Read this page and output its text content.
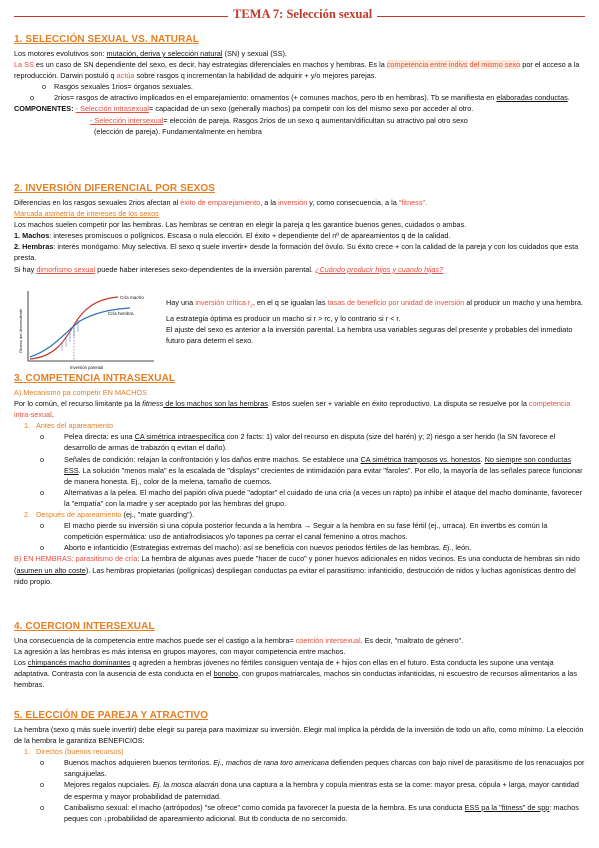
TEMA 7: Selección sexual
1. SELECCIÓN SEXUAL VS. NATURAL
Los motores evolutivos son: mutación, deriva y selección natural (SN) y sexual (SS).
La SS es un caso de SN dependiente del sexo, es decir, hay estrategias diferenciales en machos y hembras. Es la competencia entre indivs del mismo sexo por el acceso a la reproducción. Darwin postuló q actúa sobre rasgos q incrementan la habilidad de adquirir + y/o mejores parejas.
o Rasgos sexuales 1rios= órganos sexuales.
o	2rios= rasgos de atractivo implicados en el emparejamiento: ornamentos (+ comunes machos, pero tb en hembras). Tb se manifiesta en elaboradas conductas.
COMPONENTES: - Selección intrasexual= capacidad de un sexo (generally machos) pa competir con los del mismo sexo por acceder al otro.
- Selección intersexual= elección de pareja. Rasgos 2rios de un sexo q aumentan/dificultan su atractivo pal otro sexo
(elección de pareja). Fundamentalmente en hembra
2. INVERSIÓN DIFERENCIAL POR SEXOS
Diferencias en los rasgos sexuales 2rios afectan al éxito de emparejamiento, a la inversión y, como consecuencia, a la "fitness".
Marcada asimetría de intereses de los sexos
Los machos suelen competir por las hembras. Las hembras se centran en elegir la pareja q les garantice buenos genes, cuidados o ambas.
1. Machos: intereses promiscuos o polígnicos. Escasa o nula elección. El éxito + dependiente del nº de apareamientos q de la calidad.
2. Hembras: interés monógamo. Muy selectiva. El sexo q suele invertir+ desde la formación del óvulo. Su éxito crece + con la calidad de la pareja y con los cuidados que esta presta.
Si hay dimorfismo sexual puede haber intereses sexo-dependientes de la inversión parental. ¿Cuándo producir hijos y cuando hijas?
Cría macho
Cría hembra
Fitness del descendiente
Inversión parental
Hay una inversión crítica $r_c$, en el q se igualan las tasas de beneficio por unidad de inversión al producir un macho y una hembra. La estrategia óptima es producir un macho si r > rc, y lo contrario si r < r.
El ajuste del sexo es anterior a la inversión parental. La hembra usa variables seguras del presente y probables del inmediato futuro para determ el sexo.
3. COMPETENCIA INTRASEXUAL
A) Mecanismo pa competir EN MACHOS
Por lo común, el recurso limitante pa la fitness de los machos son las hembras. Estos suelen ser + variable en éxito reproductivo. La disputa se resuelve por la competencia intra-sexual.
1. Antes del apareamiento
o	Pelea directa: es una CA simétrica intraespecífica con 2 facts: 1) valor del recurso en disputa (size del harén) y; 2) riesgo a ser herido (la SN favorece el desarrollo de armas de trabazón q evitan el daño).
o	Señales de condición: relajan la confrontación y los daños entre machos. Se establece una CA simétrica tramposos vs. honestos. No siempre son conductas ESS. La solución "menos mala" es la escalada de "displays" crecientes de intimidación para evitar "faroles". Por ello, la mayoría de las señales parece funcionar de manera honesta. Ej., color de la melena, tamaño de cuernos.
o	Alternativas a la pelea. El macho del papión oliva puede "adoptar" el cuidado de una cría (a veces un rapto) pa inhibir el ataque del macho dominante, favorecer la "empatía" con la madre y ser aceptado por las hembras del grupo.
2. Después de apareamiento (ej., "mate guarding").
o	El macho pierde su inversión si una cópula posterior fecunda a la hembra → Seguir a la hembra en su fase fértil (ej., urraca). En invertbs es común la competición espermática: uso de antiafrodisiacos y/o tapones pa cerrar el canal femenino a otros machos.
o	Aborto e infanticidio (Estrategias extremas del macho): así se beneficia con nuevos periodos fértiles de las hembras. Ej., león.
B) EN HEMBRAS: parasitismo de cría: La hembra de algunas aves puede "hacer de cuco" y poner huevos adicionales en nidos vecinos. Es una conducta de hembras sin nido (asumen un alto coste). Las hembras propietarias (polígnicas) despliegan conductas pa evitar el parasitismo: infanticidio, destrucción de nidos y luchas agonísticas dentro del nido propio.
4. COERCION INTERSEXUAL
Una consecuencia de la competencia entre machos puede ser el castigo a la hembra= coerción intersexual. Es decir, "maltrato de género".
La agresión a las hembras es más intensa en grupos mayores, con mayor competencia entre machos.
Los chimpancés macho dominantes q agreden a hembras jóvenes no fértiles consiguen ventaja de + hijos con ellas en el futuro. Esta conducta les supone una ventaja adaptativa. Contrasta con la ausencia de esta conducta en el bonobo, con grupos matriarcales, machos sin conductas infanticidas, ni escuestro de recursos alimentarios a las hembras.
5. ELECCIÓN DE PAREJA Y ATRACTIVO
La hembra (sexo q más suele invertir) debe elegir su pareja para maximizar su inversión. Elegir mal implica la pérdida de la inversión de todo un año, como mínimo. La elección de la hembra le garantiza BENEFICIOS:
1. Directos (buenos recursos)
o	Buenos machos adquieren buenos territorios. Ej., machos de rana toro americana defienden peques charcas con bajo nivel de parasitismo de los renacuajos por sanguijuelas.
o	Mejores regalos nupciales. Ej. la mosca alacrán dona una captura a la hembra y copula mientras esta se la come: mayor presa, cópula + larga, mayor cantidad de esperma y mayor probabilidad de paternidad.
o	Canibalismo sexual: el macho (artrópodos) "se ofrece" como comida pa favorecer la puesta de la hembra. Es una conducta ESS pa la "fitness" de spp: machos peques con ↓probabilidad de apareamiento adicional. But tb conducta de no sercomido.
